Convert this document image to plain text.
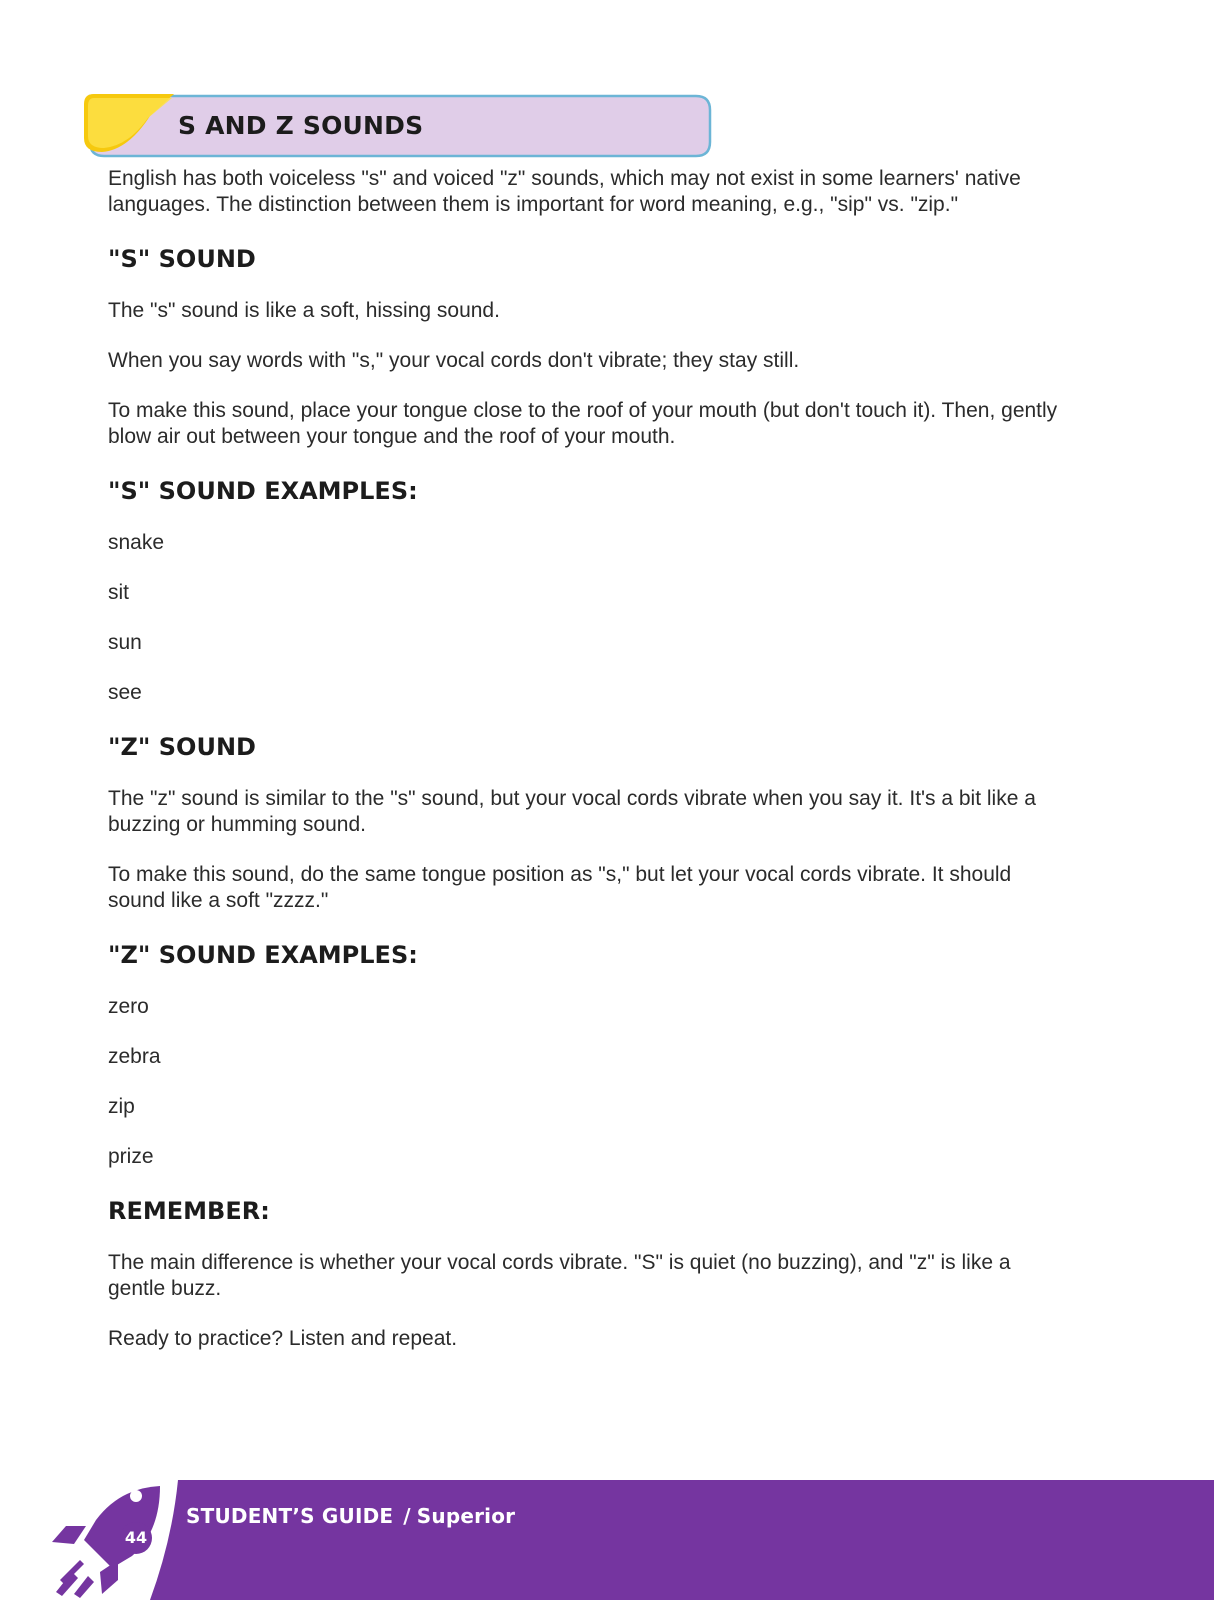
S AND Z SOUNDS

English has both voiceless "s" and voiced "z" sounds, which may not exist in some learners' native languages. The distinction between them is important for word meaning, e.g., "sip" vs. "zip."

"S" SOUND

The "s" sound is like a soft, hissing sound.

When you say words with "s," your vocal cords don't vibrate; they stay still.

To make this sound, place your tongue close to the roof of your mouth (but don't touch it). Then, gently blow air out between your tongue and the roof of your mouth.

"S" SOUND EXAMPLES:

snake

sit

sun

see

"Z" SOUND

The "z" sound is similar to the "s" sound, but your vocal cords vibrate when you say it. It's a bit like a buzzing or humming sound.

To make this sound, do the same tongue position as "s," but let your vocal cords vibrate. It should sound like a soft "zzzz."

"Z" SOUND EXAMPLES:

zero

zebra

zip

prize

REMEMBER:

The main difference is whether your vocal cords vibrate. "S" is quiet (no buzzing), and "z" is like a gentle buzz.

Ready to practice? Listen and repeat.

44
STUDENT’S GUIDE / Superior
